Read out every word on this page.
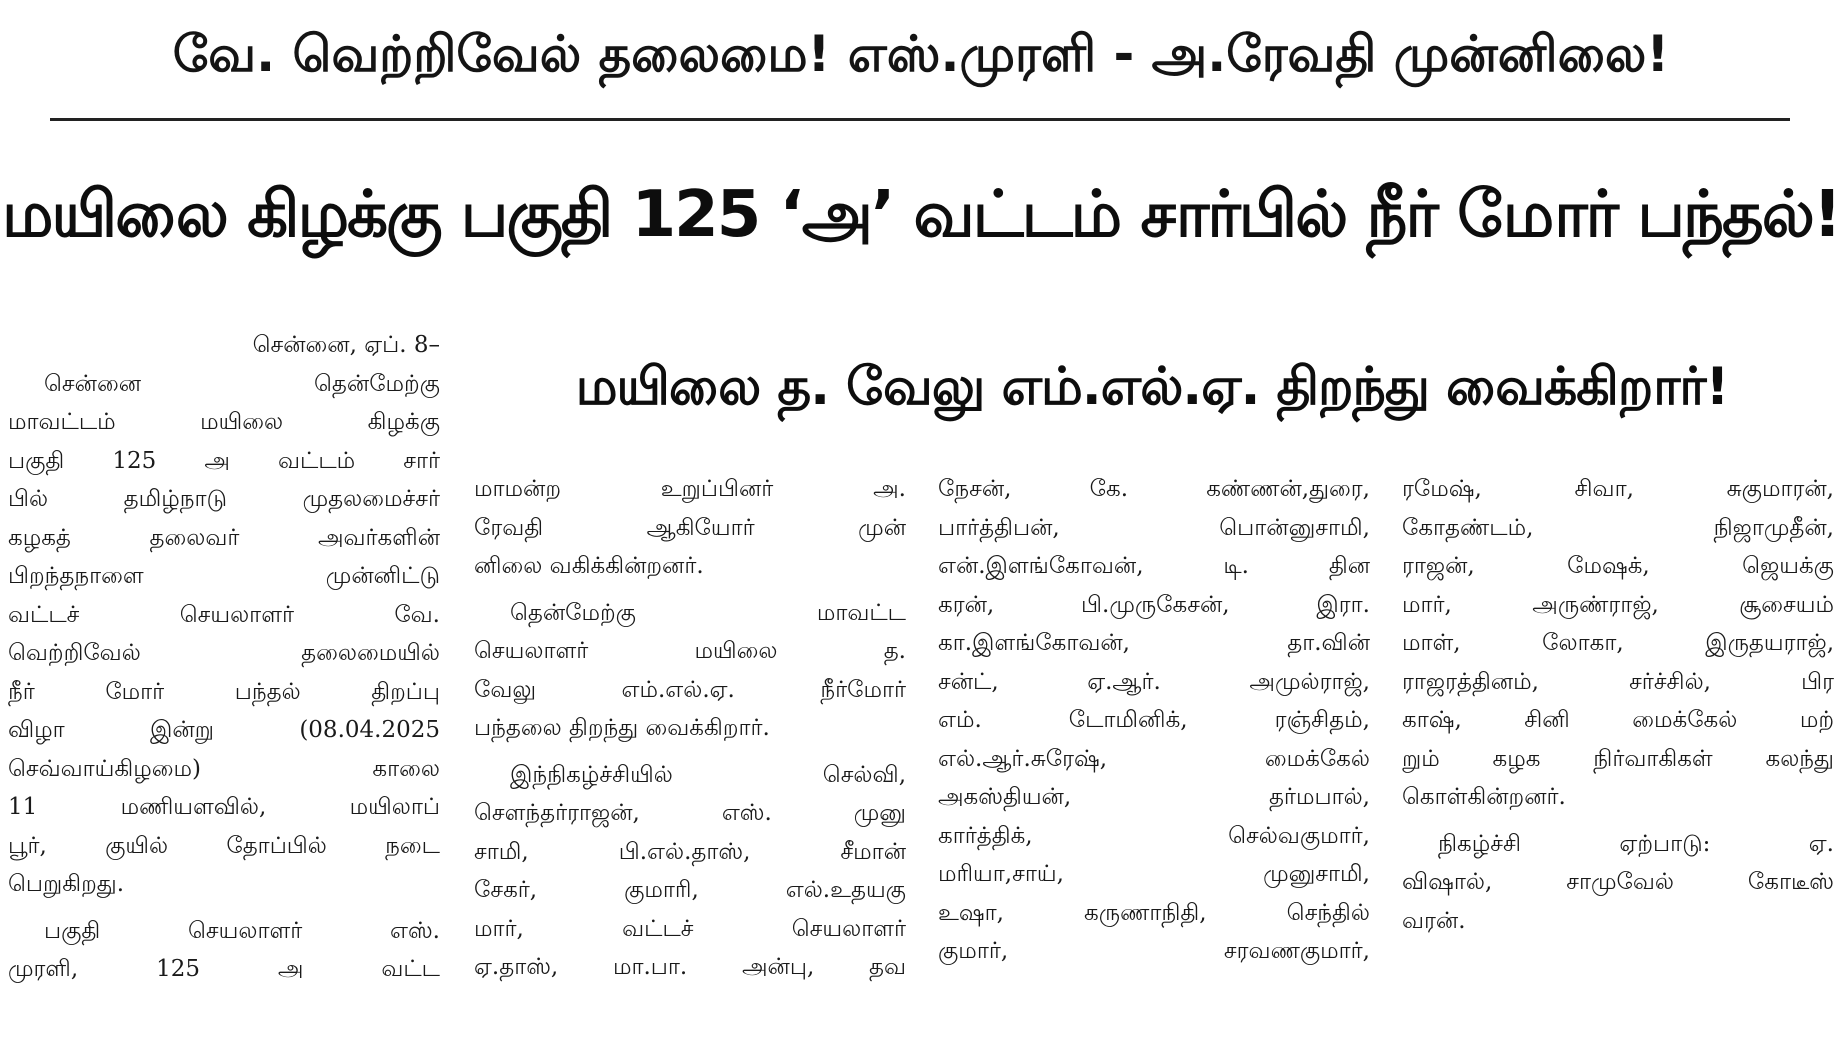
வே. வெற்றிவேல் தலைமை! எஸ்.முரளி - அ.ரேவதி முன்னிலை!
மயிலை கிழக்கு பகுதி 125 ‘அ’ வட்டம் சார்பில் நீர் மோர் பந்தல்!
மயிலை த. வேலு எம்.எல்.ஏ. திறந்து வைக்கிறார்!
சென்னை, ஏப். 8–
சென்னை தென்மேற்கு
மாவட்டம் மயிலை கிழக்கு
பகுதி 125 அ வட்டம் சார்
பில் தமிழ்நாடு முதலமைச்சர்
கழகத் தலைவர் அவர்களின்
பிறந்தநாளை முன்னிட்டு
வட்டச் செயலாளர் வே.
வெற்றிவேல் தலைமையில்
நீர் மோர் பந்தல் திறப்பு
விழா இன்று (08.04.2025
செவ்வாய்கிழமை) காலை
11 மணியளவில், மயிலாப்
பூர், குயில் தோப்பில் நடை
பெறுகிறது.
பகுதி செயலாளர் எஸ்.
முரளி, 125 அ வட்ட
மாமன்ற உறுப்பினர் அ.
ரேவதி ஆகியோர் முன்
னிலை வகிக்கின்றனர்.
தென்மேற்கு மாவட்ட
செயலாளர் மயிலை த.
வேலு எம்.எல்.ஏ. நீர்மோர்
பந்தலை திறந்து வைக்கிறார்.
இந்நிகழ்ச்சியில் செல்வி,
சௌந்தர்ராஜன், எஸ். முனு
சாமி, பி.எல்.தாஸ், சீமான்
சேகர், குமாரி, எல்.உதயகு
மார், வட்டச் செயலாளர்
ஏ.தாஸ், மா.பா. அன்பு, தவ
நேசன், கே. கண்ணன்,துரை,
பார்த்திபன், பொன்னுசாமி,
என்.இளங்கோவன், டி. தின
கரன், பி.முருகேசன், இரா.
கா.இளங்கோவன், தா.வின்
சன்ட், ஏ.ஆர். அமுல்ராஜ்,
எம். டோமினிக், ரஞ்சிதம்,
எல்.ஆர்.சுரேஷ், மைக்கேல்
அகஸ்தியன், தர்மபால்,
கார்த்திக், செல்வகுமார்,
மரியா,சாய், முனுசாமி,
உஷா, கருணாநிதி, செந்தில்
குமார், சரவணகுமார்,
ரமேஷ், சிவா, சுகுமாரன்,
கோதண்டம், நிஜாமுதீன்,
ராஜன், மேஷக், ஜெயக்கு
மார், அருண்ராஜ், சூசையம்
மாள், லோகா, இருதயராஜ்,
ராஜரத்தினம், சர்ச்சில், பிர
காஷ், சினி மைக்கேல் மற்
றும் கழக நிர்வாகிகள் கலந்து
கொள்கின்றனர்.
நிகழ்ச்சி ஏற்பாடு: ஏ.
விஷால், சாமுவேல் கோடீஸ்
வரன்.
